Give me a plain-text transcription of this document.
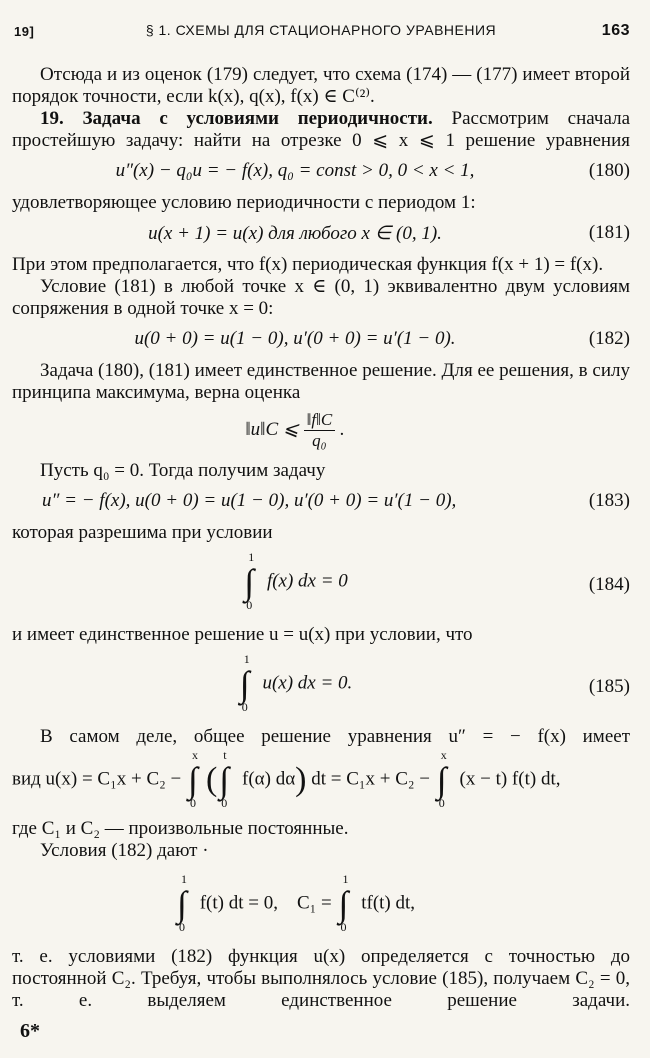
19]	§ 1. СХЕМЫ ДЛЯ СТАЦИОНАРНОГО УРАВНЕНИЯ	163

Отсюда и из оценок (179) следует, что схема (174) — (177) имеет второй порядок точности, если k(x), q(x), f(x) ∈ C⁽²⁾.

19. Задача с условиями периодичности. Рассмотрим сначала простейшую задачу: найти на отрезке 0 ⩽ x ⩽ 1 решение уравнения

u″(x) − q₀u = − f(x), q₀ = const > 0, 0 < x < 1,	(180)

удовлетворяющее условию периодичности с периодом 1:

u(x + 1) = u(x) для любого x ∈ (0, 1).	(181)

При этом предполагается, что f(x) периодическая функция f(x + 1) = f(x).

Условие (181) в любой точке x ∈ (0, 1) эквивалентно двум условиям сопряжения в одной точке x = 0:

u(0 + 0) = u(1 − 0), u′(0 + 0) = u′(1 − 0).	(182)

Задача (180), (181) имеет единственное решение. Для ее решения, в силу принципа максимума, верна оценка

‖u‖C ⩽ $\frac{‖f‖C}{\text{q₀}}$ .

Пусть q₀ = 0. Тогда получим задачу

u″ = − f(x), u(0 + 0) = u(1 − 0), u′(0 + 0) = u′(1 − 0),	(183)

которая разрешима при условии

1
∫
0
f(x) dx = 0	(184)

и имеет единственное решение u = u(x) при условии, что

1
∫
0
u(x) dx = 0.	(185)

В самом деле, общее решение уравнения u″ = − f(x) имеет

вид u(x) = C₁x + C₂ −
x
∫
0
(
t
∫
0
f(α) dα) dt = C₁x + C₂ −
x
∫
0
(x − t) f(t) dt,

где C₁ и C₂ — произвольные постоянные.

Условия (182) дают ·

1
∫
0
f(t) dt = 0, C₁ =
1
∫
0
tf(t) dt,

т. е. условиями (182) функция u(x) определяется с точностью до постоянной C₂. Требуя, чтобы выполнялось условие (185), получаем C₂ = 0, т. е. выделяем единственное решение задачи.

6*
